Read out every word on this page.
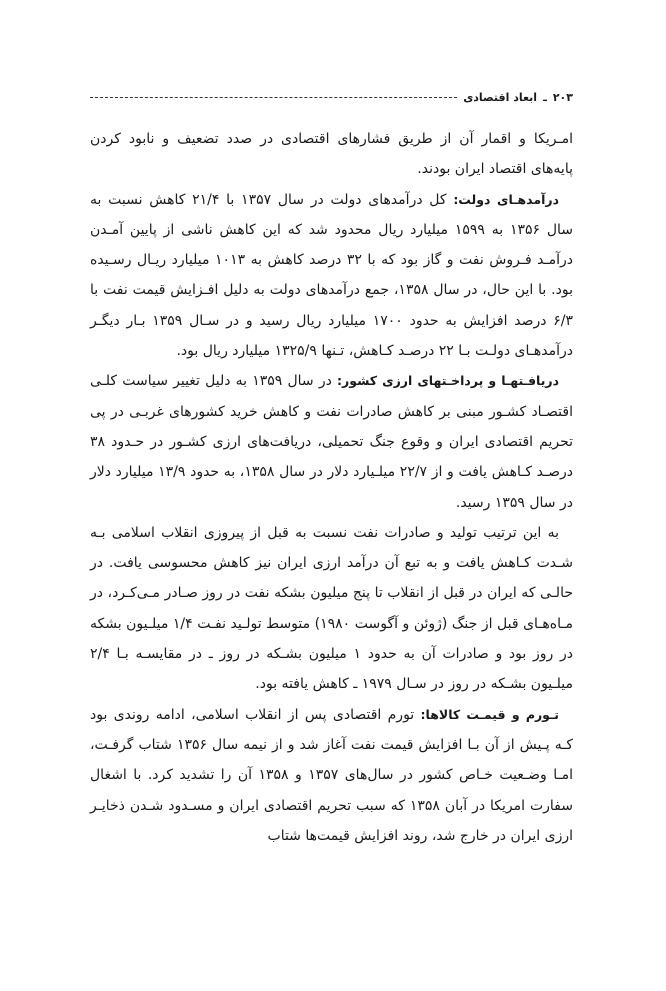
۲۰۳
ـ
ابعاد اقتصادی

امـریکا و اقمار آن از طریق فشارهای اقتصادی در صدد تضعیف و نابود کردن پایه‌های اقتصاد ایران بودند.

درآمدهـای دولت: کل درآمدهای دولت در سال ۱۳۵۷ با ۲۱/۴ کاهش نسبت به سال ۱۳۵۶ به ۱۵۹۹ میلیارد ریال محدود شد که این کاهش ناشی از پایین آمـدن درآمـد فـروش نفت و گاز بود که با ۳۲ درصد کاهش به ۱۰۱۳ میلیارد ریـال رسـیده بود. با این حال، در سال ۱۳۵۸، جمع درآمدهای دولت به دلیل افـزایش قیمت نفت با ۶/۳ درصد افزایش به حدود ۱۷۰۰ میلیارد ریال رسید و در سـال ۱۳۵۹ بـار دیگـر درآمدهـای دولـت بـا ۲۲ درصـد کـاهش، تـنها ۱۳۲۵/۹ میلیارد ریال بود.

دریافـتهـا و پرداخـتهای ارزی کشور: در سال ۱۳۵۹ به دلیل تغییر سیاست کلـی اقتصـاد کشـور مبنی بر کاهش صادرات نفت و کاهش خرید کشورهای غربـی در پی تحریم اقتصادی ایران و وقوع جنگ تحمیلی، دریافت‌های ارزی کشـور در حـدود ۳۸ درصـد کـاهش یافت و از ۲۲/۷ میلـیارد دلار در سال ۱۳۵۸، به حدود ۱۳/۹ میلیارد دلار در سال ۱۳۵۹ رسید.

به این ترتیب تولید و صادرات نفت نسبت به قبل از پیروزی انقلاب اسلامی بـه شـدت کـاهش یافت و به تبع آن درآمد ارزی ایران نیز کاهش محسوسی یافت. در حالـی که ایران در قبل از انقلاب تا پنج میلیون بشکه نفت در روز صـادر مـی‌کـرد، در مـاه‌هـای قبل از جنگ (ژوئن و آگوست ۱۹۸۰) متوسط تولـید نفـت ۱/۴ میلـیون بشکه در روز بود و صادرات آن به حدود ۱ میلیون بشـکه در روز ـ در مقایسـه بـا ۲/۴ میلـیون بشـکه در روز در سـال ۱۹۷۹ ـ کاهش یافته بود.

تـورم و قیمـت کالاها: تورم اقتصادی پس از انقلاب اسلامی، ادامه روندی بود کـه پـیش از آن بـا افزایش قیمت نفت آغاز شد و از نیمه سال ۱۳۵۶ شتاب گرفـت، امـا وضـعیت خـاص کشور در سال‌های ۱۳۵۷ و ۱۳۵۸ آن را تشدید کرد. با اشغال سفارت امریکا در آبان ۱۳۵۸ که سبب تحریم اقتصادی ایران و مسـدود شـدن ذخایـر ارزی ایران در خارج شد، روند افزایش قیمت‌ها شتاب
